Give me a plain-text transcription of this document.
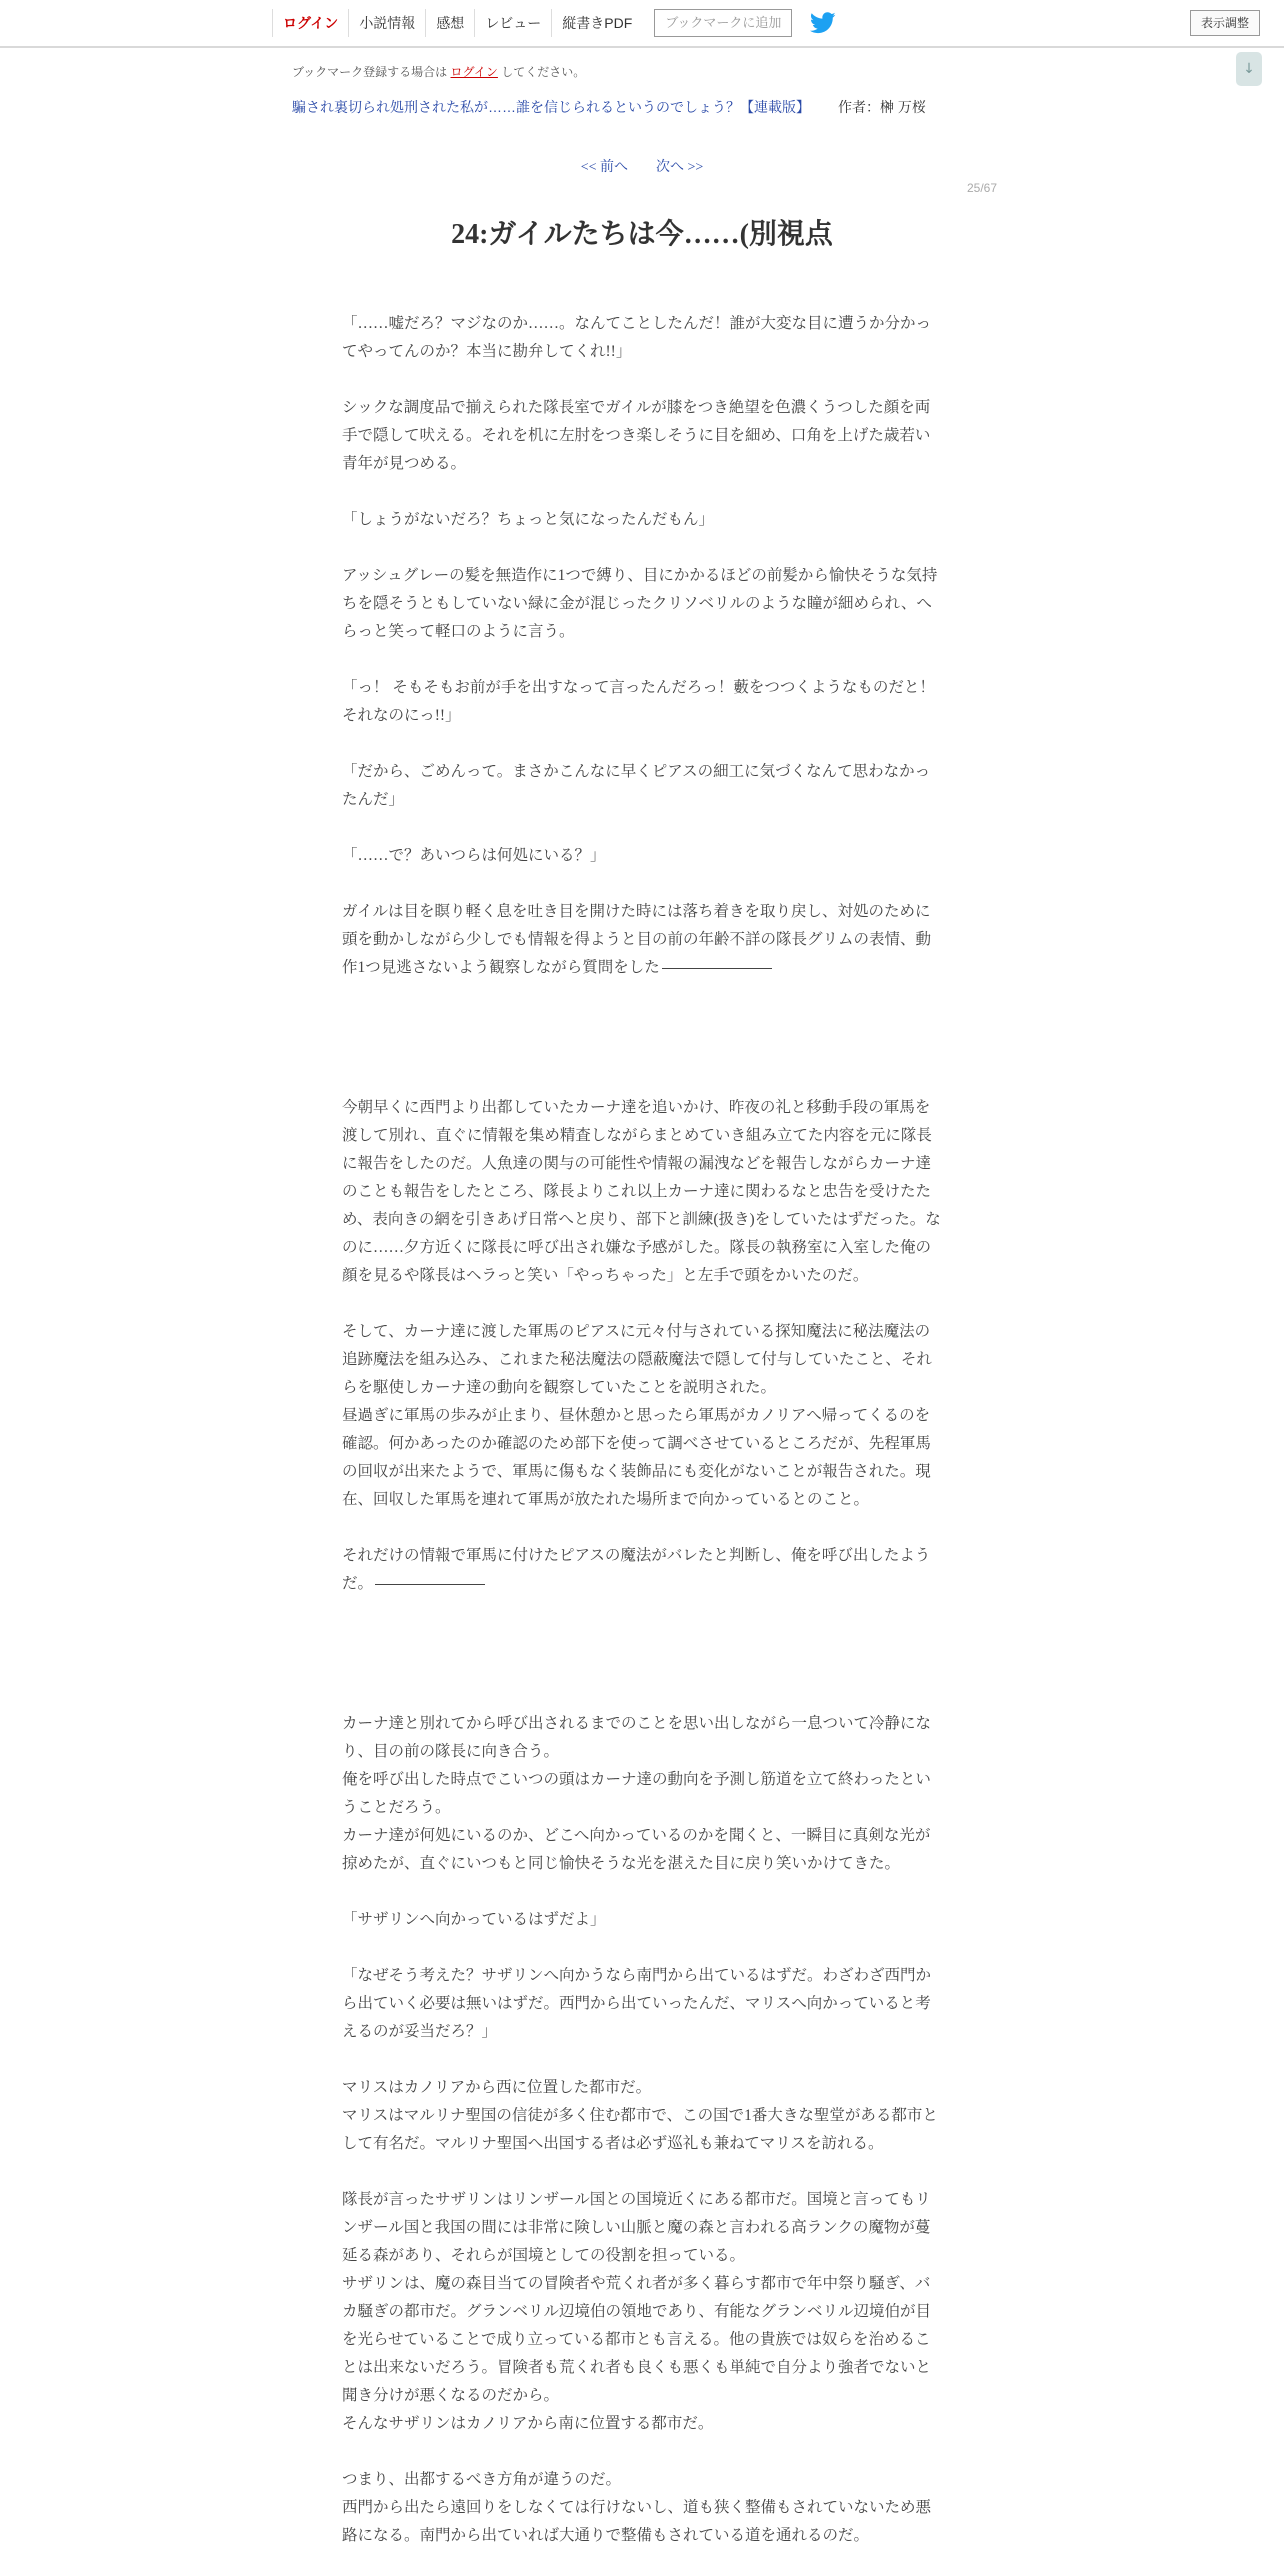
ログイン	小説情報	感想	レビュー	縦書きPDF	ブックマークに追加	表示調整
↓
ブックマーク登録する場合は ログイン してください。
騙され裏切られ処刑された私が……誰を信じられるというのでしょう？【連載版】 作者：榊 万桜
<< 前へ 次へ >>
25/67
24:ガイルたちは今……(別視点

「……嘘だろ？マジなのか……。なんてことしたんだ！誰が大変な目に遭うか分かってやってんのか？本当に勘弁してくれ!!」

シックな調度品で揃えられた隊長室でガイルが膝をつき絶望を色濃くうつした顔を両手で隠して吠える。それを机に左肘をつき楽しそうに目を細め、口角を上げた歳若い青年が見つめる。

「しょうがないだろ？ちょっと気になったんだもん」

アッシュグレーの髪を無造作に1つで縛り、目にかかるほどの前髪から愉快そうな気持ちを隠そうともしていない緑に金が混じったクリソベリルのような瞳が細められ、へらっと笑って軽口のように言う。

「っ！ そもそもお前が手を出すなって言ったんだろっ！藪をつつくようなものだと！それなのにっ!!」

「だから、ごめんって。まさかこんなに早くピアスの細工に気づくなんて思わなかったんだ」

「……で？あいつらは何処にいる？」

ガイルは目を瞑り軽く息を吐き目を開けた時には落ち着きを取り戻し、対処のために頭を動かしながら少しでも情報を得ようと目の前の年齢不詳の隊長グリムの表情、動作1つ見逃さないよう観察しながら質問をした

今朝早くに西門より出都していたカーナ達を追いかけ、昨夜の礼と移動手段の軍馬を渡して別れ、直ぐに情報を集め精査しながらまとめていき組み立てた内容を元に隊長に報告をしたのだ。人魚達の関与の可能性や情報の漏洩などを報告しながらカーナ達のことも報告をしたところ、隊長よりこれ以上カーナ達に関わるなと忠告を受けたため、表向きの網を引きあげ日常へと戻り、部下と訓練(扱き)をしていたはずだった。なのに……夕方近くに隊長に呼び出され嫌な予感がした。隊長の執務室に入室した俺の顔を見るや隊長はヘラっと笑い「やっちゃった」と左手で頭をかいたのだ。

そして、カーナ達に渡した軍馬のピアスに元々付与されている探知魔法に秘法魔法の追跡魔法を組み込み、これまた秘法魔法の隠蔽魔法で隠して付与していたこと、それらを駆使しカーナ達の動向を観察していたことを説明された。

昼過ぎに軍馬の歩みが止まり、昼休憩かと思ったら軍馬がカノリアへ帰ってくるのを確認。何かあったのか確認のため部下を使って調べさせているところだが、先程軍馬の回収が出来たようで、軍馬に傷もなく装飾品にも変化がないことが報告された。現在、回収した軍馬を連れて軍馬が放たれた場所まで向かっているとのこと。

それだけの情報で軍馬に付けたピアスの魔法がバレたと判断し、俺を呼び出したようだ。

カーナ達と別れてから呼び出されるまでのことを思い出しながら一息ついて冷静になり、目の前の隊長に向き合う。

俺を呼び出した時点でこいつの頭はカーナ達の動向を予測し筋道を立て終わったということだろう。

カーナ達が何処にいるのか、どこへ向かっているのかを聞くと、一瞬目に真剣な光が掠めたが、直ぐにいつもと同じ愉快そうな光を湛えた目に戻り笑いかけてきた。

「サザリンへ向かっているはずだよ」

「なぜそう考えた？サザリンへ向かうなら南門から出ているはずだ。わざわざ西門から出ていく必要は無いはずだ。西門から出ていったんだ、マリスへ向かっていると考えるのが妥当だろ？」

マリスはカノリアから西に位置した都市だ。

マリスはマルリナ聖国の信徒が多く住む都市で、この国で1番大きな聖堂がある都市として有名だ。マルリナ聖国へ出国する者は必ず巡礼も兼ねてマリスを訪れる。

隊長が言ったサザリンはリンザール国との国境近くにある都市だ。国境と言ってもリンザール国と我国の間には非常に険しい山脈と魔の森と言われる高ランクの魔物が蔓延る森があり、それらが国境としての役割を担っている。

サザリンは、魔の森目当ての冒険者や荒くれ者が多く暮らす都市で年中祭り騒ぎ、バカ騒ぎの都市だ。グランベリル辺境伯の領地であり、有能なグランベリル辺境伯が目を光らせていることで成り立っている都市とも言える。他の貴族では奴らを治めることは出来ないだろう。冒険者も荒くれ者も良くも悪くも単純で自分より強者でないと聞き分けが悪くなるのだから。

そんなサザリンはカノリアから南に位置する都市だ。

つまり、出都するべき方角が違うのだ。

西門から出たら遠回りをしなくては行けないし、道も狭く整備もされていないため悪路になる。南門から出ていれば大通りで整備もされている道を通れるのだ。
